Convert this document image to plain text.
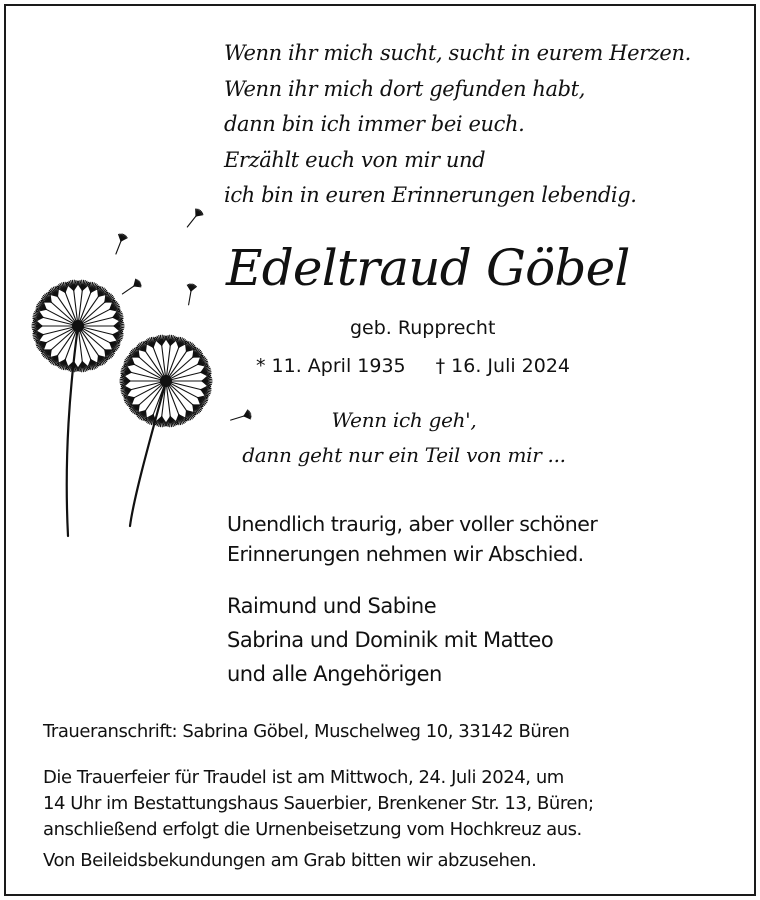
Wenn ihr mich sucht, sucht in eurem Herzen.
Wenn ihr mich dort gefunden habt,
dann bin ich immer bei euch.
Erzählt euch von mir und
ich bin in euren Erinnerungen lebendig.
Edeltraud Göbel
geb. Rupprecht
* 11. April 1935 † 16. Juli 2024
Wenn ich geh',
dann geht nur ein Teil von mir ...
Unendlich traurig, aber voller schöner
Erinnerungen nehmen wir Abschied.
Raimund und Sabine
Sabrina und Dominik mit Matteo
und alle Angehörigen
Traueranschrift: Sabrina Göbel, Muschelweg 10, 33142 Büren
Die Trauerfeier für Traudel ist am Mittwoch, 24. Juli 2024, um
14 Uhr im Bestattungshaus Sauerbier, Brenkener Str. 13, Büren;
anschließend erfolgt die Urnenbeisetzung vom Hochkreuz aus.
Von Beileidsbekundungen am Grab bitten wir abzusehen.
